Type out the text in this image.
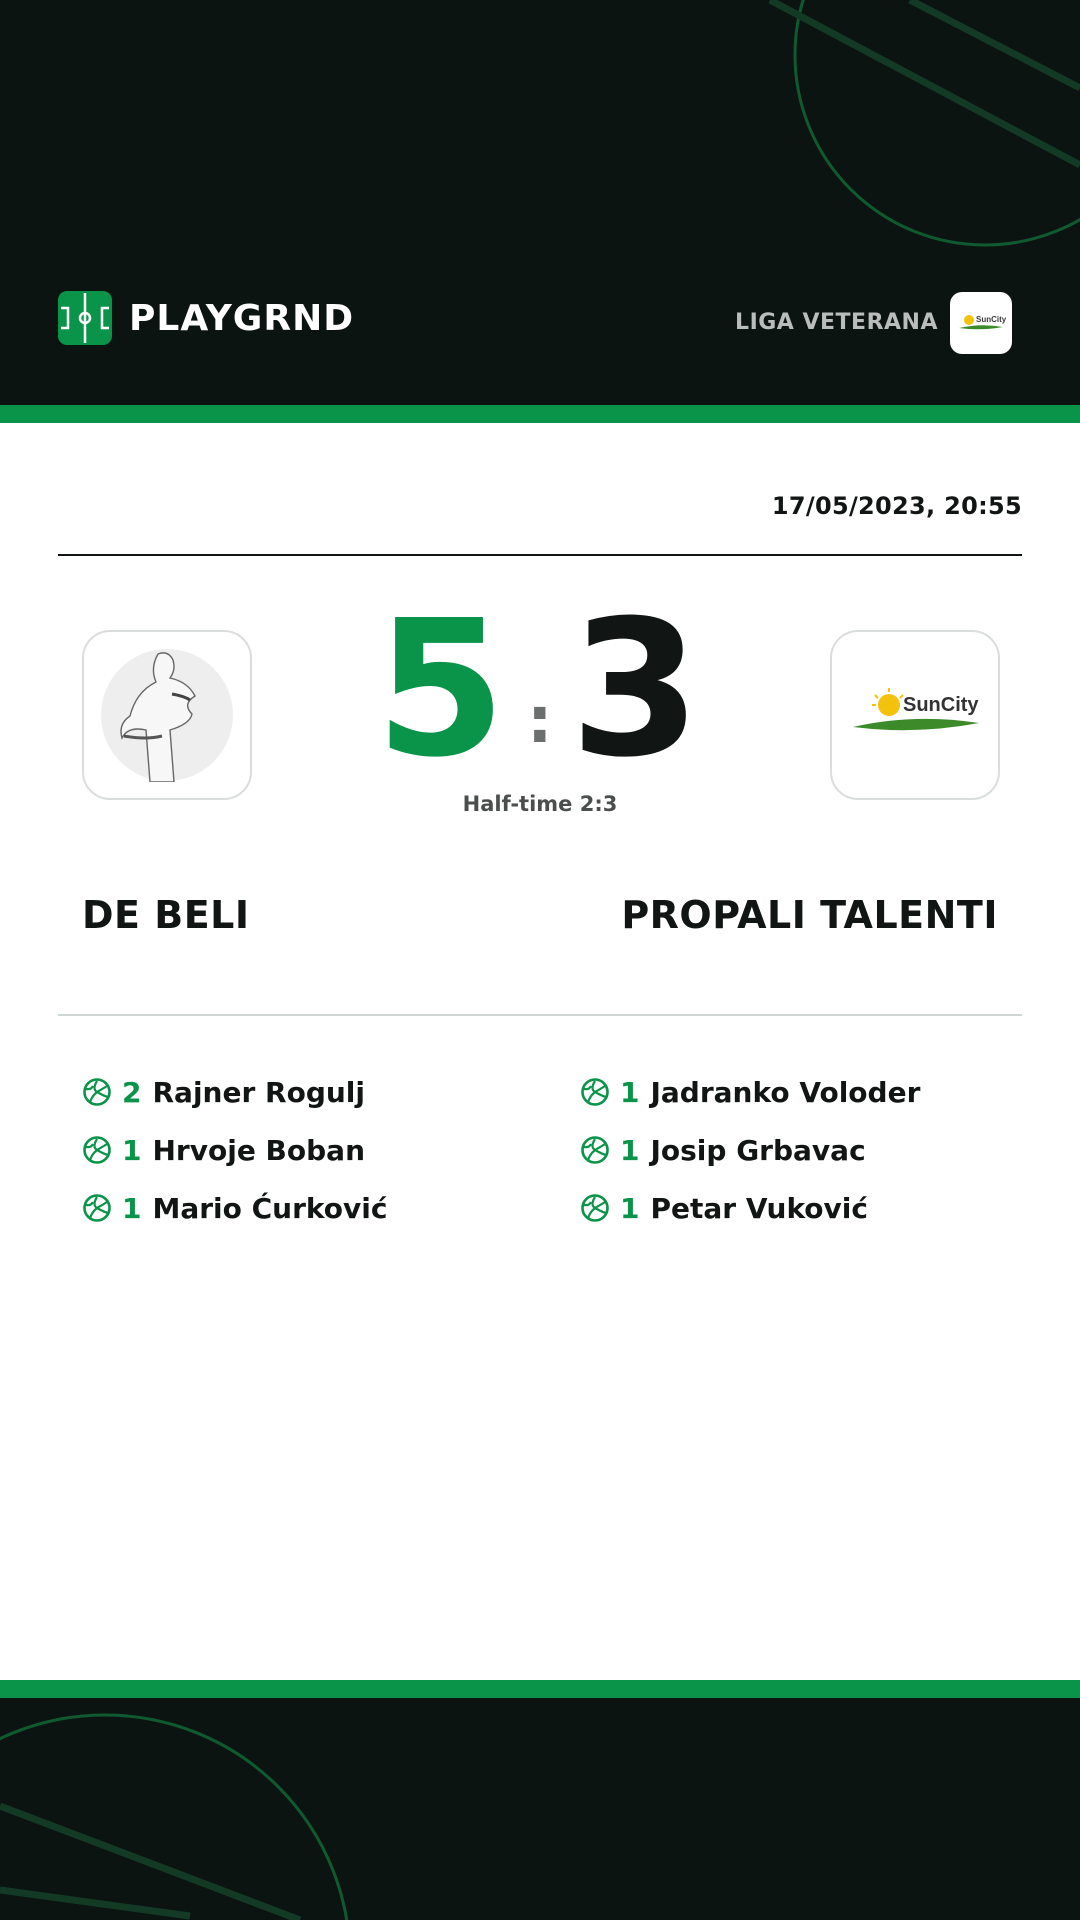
PLAYGRND	LIGA VETERANA	SunCity
17/05/2023, 20:55
SunCity
5 : 3
Half-time 2:3
DE BELI	PROPALI TALENTI
2 Rajner Rogulj
1 Hrvoje Boban
1 Mario Ćurković
1 Jadranko Voloder
1 Josip Grbavac
1 Petar Vuković
